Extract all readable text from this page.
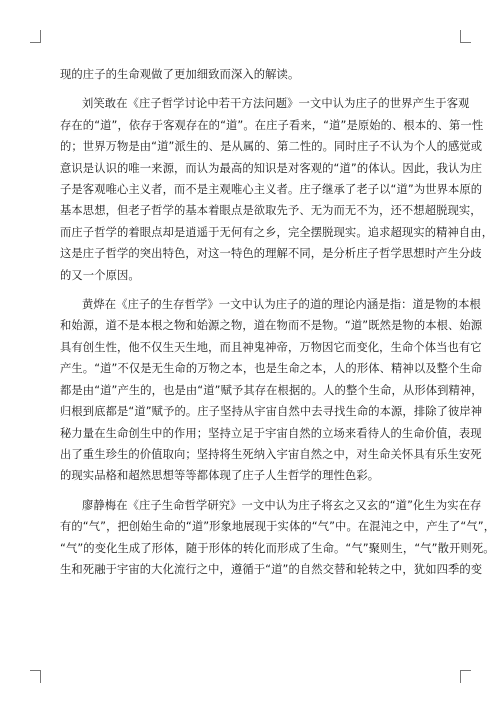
现的庄子的生命观做了更加细致而深入的解读。
刘笑敢在《庄子哲学讨论中若干方法问题》一文中认为庄子的世界产生于客观
存在的“道”，依存于客观存在的“道”。在庄子看来，“道”是原始的、根本的、第一性
的；世界万物是由“道”派生的、是从属的、第二性的。同时庄子不认为个人的感觉或
意识是认识的唯一来源，而认为最高的知识是对客观的“道”的体认。因此，我认为庄
子是客观唯心主义者，而不是主观唯心主义者。庄子继承了老子以“道”为世界本原的
基本思想，但老子哲学的基本着眼点是欲取先予、无为而无不为，还不想超脱现实，
而庄子哲学的着眼点却是逍遥于无何有之乡，完全摆脱现实。追求超现实的精神自由，
这是庄子哲学的突出特色，对这一特色的理解不同，是分析庄子哲学思想时产生分歧
的又一个原因。
黄烨在《庄子的生存哲学》一文中认为庄子的道的理论内涵是指：道是物的本根
和始源，道不是本根之物和始源之物，道在物而不是物。“道”既然是物的本根、始源
具有创生性，他不仅生天生地，而且神鬼神帝，万物因它而变化，生命个体当也有它
产生。“道”不仅是无生命的万物之本，也是生命之本，人的形体、精神以及整个生命
都是由“道”产生的，也是由“道”赋予其存在根据的。人的整个生命，从形体到精神，
归根到底都是“道”赋予的。庄子坚持从宇宙自然中去寻找生命的本源，排除了彼岸神
秘力量在生命创生中的作用；坚持立足于宇宙自然的立场来看待人的生命价值，表现
出了重生珍生的价值取向；坚持将生死纳入宇宙自然之中，对生命关怀具有乐生安死
的现实品格和超然思想等等都体现了庄子人生哲学的理性色彩。
廖静梅在《庄子生命哲学研究》一文中认为庄子将玄之又玄的“道”化生为实在存
有的“气”，把创始生命的“道”形象地展现于实体的“气”中。在混沌之中，产生了“气”，
“气”的变化生成了形体，随于形体的转化而形成了生命。“气”聚则生，“气”散开则死。
生和死融于宇宙的大化流行之中，遵循于“道”的自然交替和轮转之中，犹如四季的变
